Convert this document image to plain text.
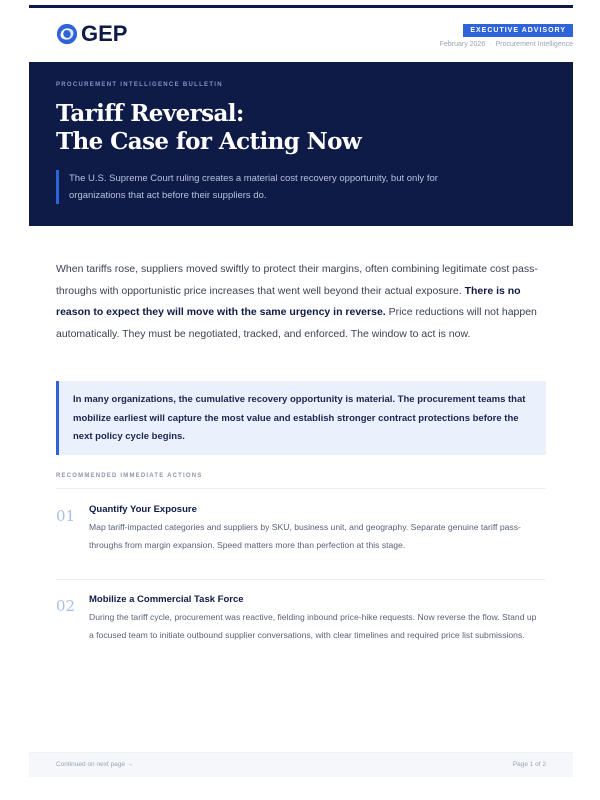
GEP	EXECUTIVE ADVISORY
February 2026 · Procurement Intelligence
PROCUREMENT INTELLIGENCE BULLETIN
Tariff Reversal:
The Case for Acting Now
The U.S. Supreme Court ruling creates a material cost recovery opportunity, but only for organizations that act before their suppliers do.
When tariffs rose, suppliers moved swiftly to protect their margins, often combining legitimate cost pass-throughs with opportunistic price increases that went well beyond their actual exposure. There is no reason to expect they will move with the same urgency in reverse. Price reductions will not happen automatically. They must be negotiated, tracked, and enforced. The window to act is now.
In many organizations, the cumulative recovery opportunity is material. The procurement teams that mobilize earliest will capture the most value and establish stronger contract protections before the next policy cycle begins.
RECOMMENDED IMMEDIATE ACTIONS
01 Quantify Your Exposure
Map tariff-impacted categories and suppliers by SKU, business unit, and geography. Separate genuine tariff pass-throughs from margin expansion. Speed matters more than perfection at this stage.
02 Mobilize a Commercial Task Force
During the tariff cycle, procurement was reactive, fielding inbound price-hike requests. Now reverse the flow. Stand up a focused team to initiate outbound supplier conversations, with clear timelines and required price list submissions.
Continued on next page →	Page 1 of 2
